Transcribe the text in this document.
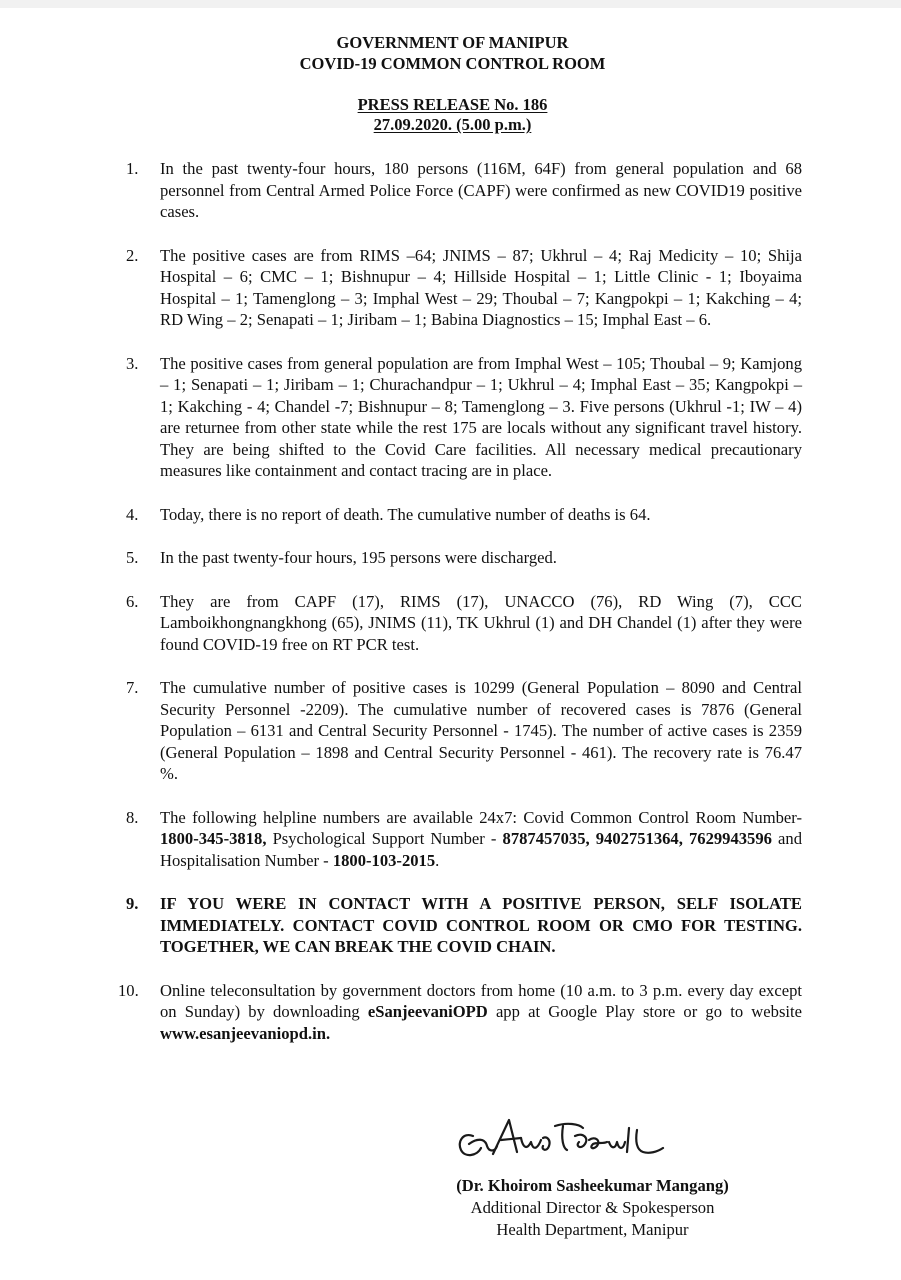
GOVERNMENT OF MANIPUR
COVID-19 COMMON CONTROL ROOM
PRESS RELEASE No. 186
27.09.2020. (5.00 p.m.)
1.	In the past twenty-four hours, 180 persons (116M, 64F) from general population and 68 personnel from Central Armed Police Force (CAPF) were confirmed as new COVID19 positive cases.
2.	The positive cases are from RIMS –64; JNIMS – 87; Ukhrul – 4; Raj Medicity – 10; Shija Hospital – 6; CMC – 1; Bishnupur – 4; Hillside Hospital – 1; Little Clinic - 1; Iboyaima Hospital – 1; Tamenglong – 3; Imphal West – 29; Thoubal – 7; Kangpokpi – 1; Kakching – 4; RD Wing – 2; Senapati – 1; Jiribam – 1; Babina Diagnostics – 15; Imphal East – 6.
3.	The positive cases from general population are from Imphal West – 105; Thoubal – 9; Kamjong – 1; Senapati – 1; Jiribam – 1; Churachandpur – 1; Ukhrul – 4; Imphal East – 35; Kangpokpi – 1; Kakching - 4; Chandel -7; Bishnupur – 8; Tamenglong – 3. Five persons (Ukhrul -1; IW – 4) are returnee from other state while the rest 175 are locals without any significant travel history. They are being shifted to the Covid Care facilities. All necessary medical precautionary measures like containment and contact tracing are in place.
4.	Today, there is no report of death. The cumulative number of deaths is 64.
5.	In the past twenty-four hours, 195 persons were discharged.
6.	They are from CAPF (17), RIMS (17), UNACCO (76), RD Wing (7), CCC Lamboikhongnangkhong (65), JNIMS (11), TK Ukhrul (1) and DH Chandel (1) after they were found COVID-19 free on RT PCR test.
7.	The cumulative number of positive cases is 10299 (General Population – 8090 and Central Security Personnel -2209). The cumulative number of recovered cases is 7876 (General Population – 6131 and Central Security Personnel - 1745). The number of active cases is 2359 (General Population – 1898 and Central Security Personnel - 461). The recovery rate is 76.47 %.
8.	The following helpline numbers are available 24x7: Covid Common Control Room Number-1800-345-3818, Psychological Support Number - 8787457035, 9402751364, 7629943596 and Hospitalisation Number - 1800-103-2015.
9.	IF YOU WERE IN CONTACT WITH A POSITIVE PERSON, SELF ISOLATE IMMEDIATELY. CONTACT COVID CONTROL ROOM OR CMO FOR TESTING. TOGETHER, WE CAN BREAK THE COVID CHAIN.
10.	Online teleconsultation by government doctors from home (10 a.m. to 3 p.m. every day except on Sunday) by downloading eSanjeevaniOPD app at Google Play store or go to website www.esanjeevaniopd.in.
(Dr. Khoirom Sasheekumar Mangang)
Additional Director & Spokesperson
Health Department, Manipur
